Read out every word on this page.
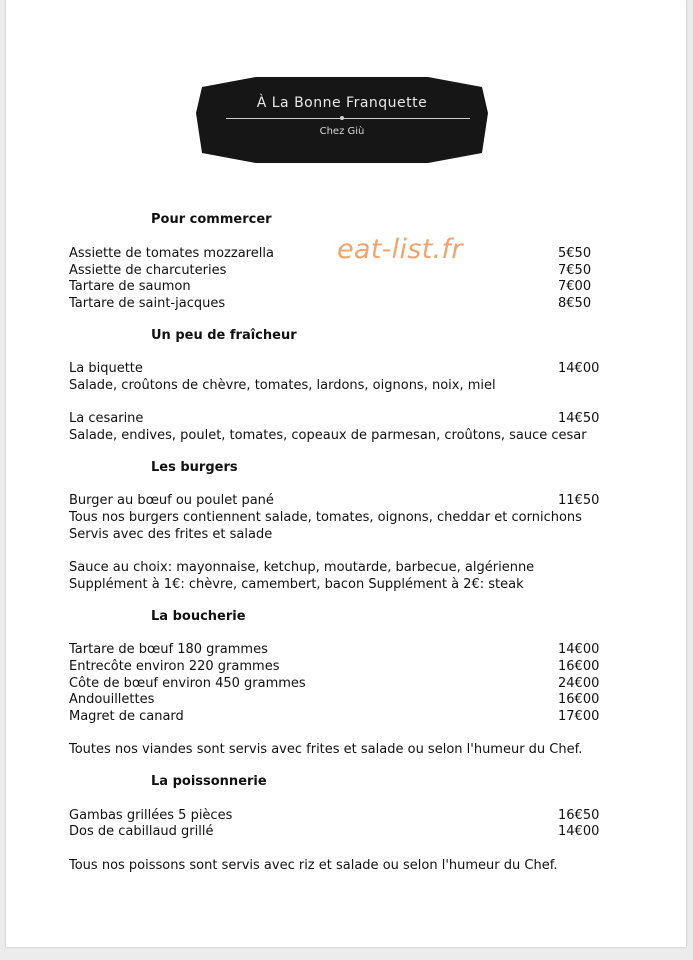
À La Bonne Franquette
Chez Giù
eat-list.fr
Pour commercer
Assiette de tomates mozzarella	5€50
Assiette de charcuteries	7€50
Tartare de saumon	7€00
Tartare de saint-jacques	8€50
Un peu de fraîcheur
La biquette	14€00
Salade, croûtons de chèvre, tomates, lardons, oignons, noix, miel
La cesarine	14€50
Salade, endives, poulet, tomates, copeaux de parmesan, croûtons, sauce cesar
Les burgers
Burger au bœuf ou poulet pané	11€50
Tous nos burgers contiennent salade, tomates, oignons, cheddar et cornichons
Servis avec des frites et salade
Sauce au choix: mayonnaise, ketchup, moutarde, barbecue, algérienne
Supplément à 1€: chèvre, camembert, bacon Supplément à 2€: steak
La boucherie
Tartare de bœuf 180 grammes	14€00
Entrecôte environ 220 grammes	16€00
Côte de bœuf environ 450 grammes	24€00
Andouillettes	16€00
Magret de canard	17€00
Toutes nos viandes sont servis avec frites et salade ou selon l'humeur du Chef.
La poissonnerie
Gambas grillées 5 pièces	16€50
Dos de cabillaud grillé	14€00
Tous nos poissons sont servis avec riz et salade ou selon l'humeur du Chef.
